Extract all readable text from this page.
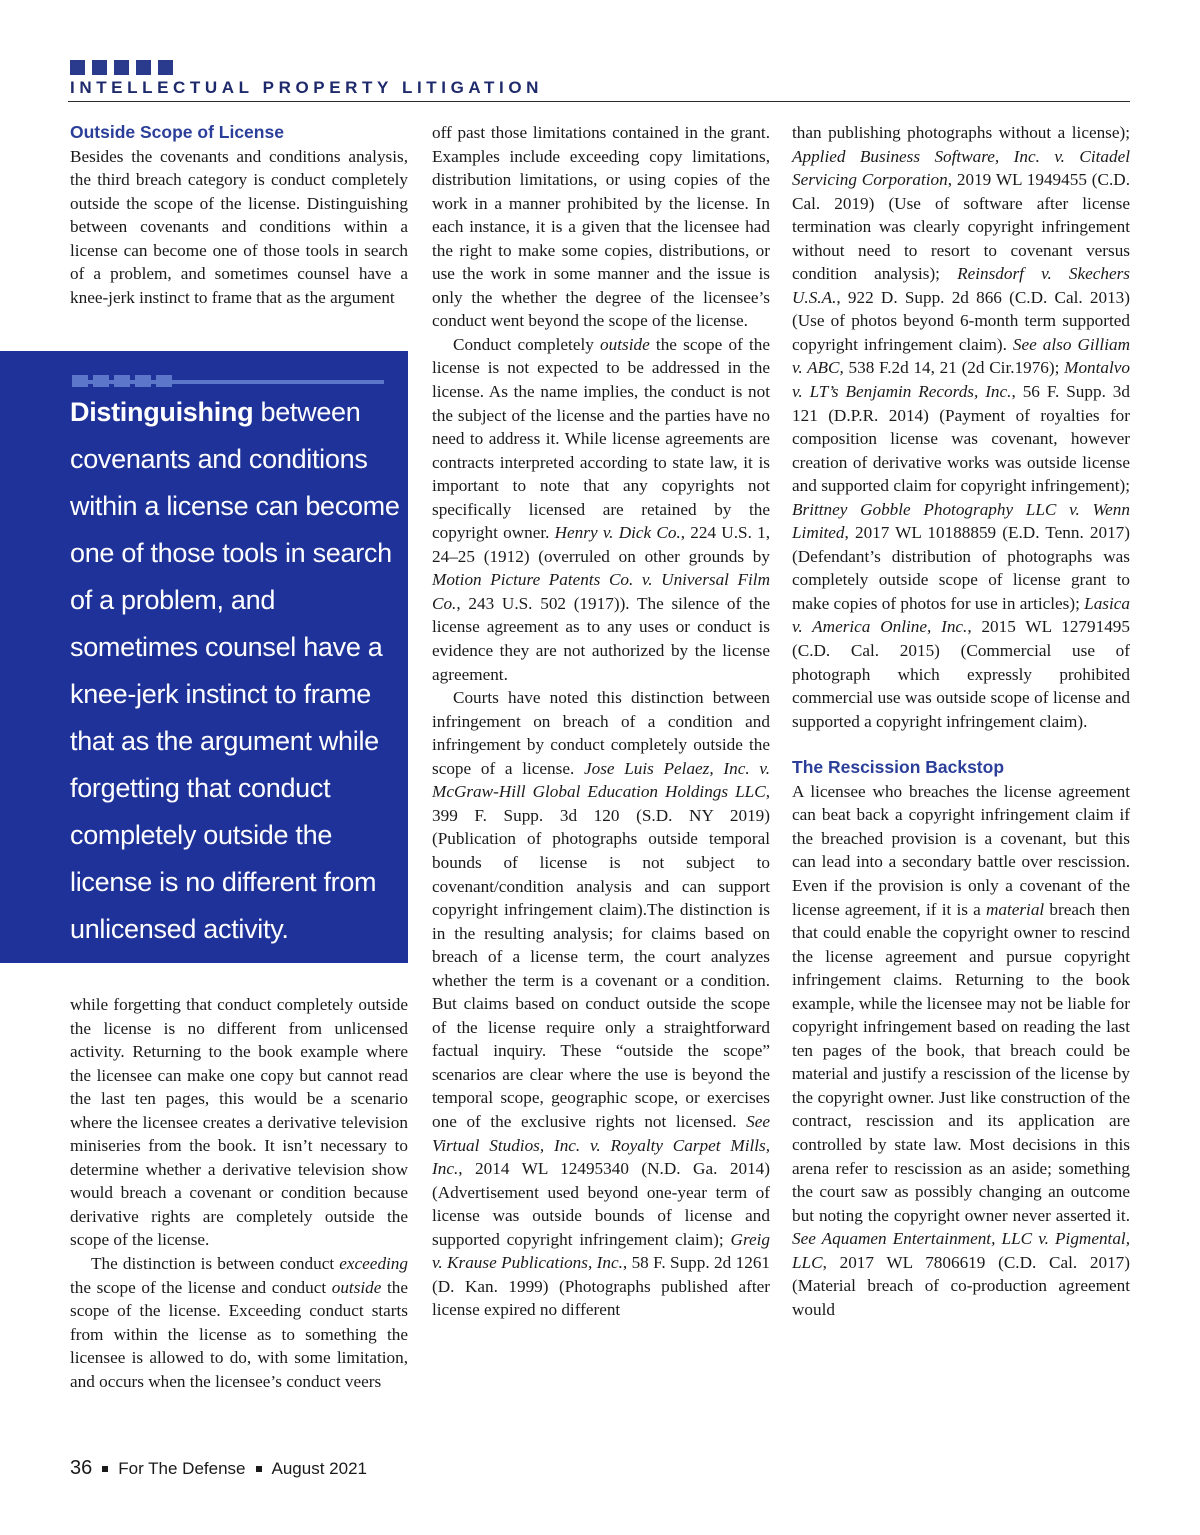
INTELLECTUAL PROPERTY LITIGATION
Outside Scope of License

Besides the covenants and conditions analysis, the third breach category is conduct completely outside the scope of the license. Distinguishing between covenants and conditions within a license can become one of those tools in search of a problem, and sometimes counsel have a knee-jerk instinct to frame that as the argument

while forgetting that conduct completely outside the license is no different from unlicensed activity. Returning to the book example where the licensee can make one copy but cannot read the last ten pages, this would be a scenario where the licensee creates a derivative television miniseries from the book. It isn’t necessary to determine whether a derivative television show would breach a covenant or condition because derivative rights are completely outside the scope of the license.

The distinction is between conduct exceeding the scope of the license and conduct outside the scope of the license. Exceeding conduct starts from within the license as to something the licensee is allowed to do, with some limitation, and occurs when the licensee’s conduct veers

Distinguishing between covenants and conditions within a license can become one of those tools in search of a problem, and sometimes counsel have a knee-jerk instinct to frame that as the argument while forgetting that conduct completely outside the license is no different from unlicensed activity.

off past those limitations contained in the grant. Examples include exceeding copy limitations, distribution limitations, or using copies of the work in a manner prohibited by the license. In each instance, it is a given that the licensee had the right to make some copies, distributions, or use the work in some manner and the issue is only the whether the degree of the licensee’s conduct went beyond the scope of the license.

Conduct completely outside the scope of the license is not expected to be addressed in the license. As the name implies, the conduct is not the subject of the license and the parties have no need to address it. While license agreements are contracts interpreted according to state law, it is important to note that any copyrights not specifically licensed are retained by the copyright owner. Henry v. Dick Co., 224 U.S. 1, 24–25 (1912) (overruled on other grounds by Motion Picture Patents Co. v. Universal Film Co., 243 U.S. 502 (1917)). The silence of the license agreement as to any uses or conduct is evidence they are not authorized by the license agreement.

Courts have noted this distinction between infringement on breach of a condition and infringement by conduct completely outside the scope of a license. Jose Luis Pelaez, Inc. v. McGraw-Hill Global Education Holdings LLC, 399 F. Supp. 3d 120 (S.D. NY 2019) (Publication of photographs outside temporal bounds of license is not subject to covenant/condition analysis and can support copyright infringement claim).The distinction is in the resulting analysis; for claims based on breach of a license term, the court analyzes whether the term is a covenant or a condition. But claims based on conduct outside the scope of the license require only a straightforward factual inquiry. These “outside the scope” scenarios are clear where the use is beyond the temporal scope, geographic scope, or exercises one of the exclusive rights not licensed. See Virtual Studios, Inc. v. Royalty Carpet Mills, Inc., 2014 WL 12495340 (N.D. Ga. 2014) (Advertisement used beyond one-year term of license was outside bounds of license and supported copyright infringement claim); Greig v. Krause Publications, Inc., 58 F. Supp. 2d 1261 (D. Kan. 1999) (Photographs published after license expired no different

than publishing photographs without a license); Applied Business Software, Inc. v. Citadel Servicing Corporation, 2019 WL 1949455 (C.D. Cal. 2019) (Use of software after license termination was clearly copyright infringement without need to resort to covenant versus condition analysis); Reinsdorf v. Skechers U.S.A., 922 D. Supp. 2d 866 (C.D. Cal. 2013) (Use of photos beyond 6-month term supported copyright infringement claim). See also Gilliam v. ABC, 538 F.2d 14, 21 (2d Cir.1976); Montalvo v. LT’s Benjamin Records, Inc., 56 F. Supp. 3d 121 (D.P.R. 2014) (Payment of royalties for composition license was covenant, however creation of derivative works was outside license and supported claim for copyright infringement); Brittney Gobble Photography LLC v. Wenn Limited, 2017 WL 10188859 (E.D. Tenn. 2017) (Defendant’s distribution of photographs was completely outside scope of license grant to make copies of photos for use in articles); Lasica v. America Online, Inc., 2015 WL 12791495 (C.D. Cal. 2015) (Commercial use of photograph which expressly prohibited commercial use was outside scope of license and supported a copyright infringement claim).

The Rescission Backstop

A licensee who breaches the license agreement can beat back a copyright infringement claim if the breached provision is a covenant, but this can lead into a secondary battle over rescission. Even if the provision is only a covenant of the license agreement, if it is a material breach then that could enable the copyright owner to rescind the license agreement and pursue copyright infringement claims. Returning to the book example, while the licensee may not be liable for copyright infringement based on reading the last ten pages of the book, that breach could be material and justify a rescission of the license by the copyright owner. Just like construction of the contract, rescission and its application are controlled by state law. Most decisions in this arena refer to rescission as an aside; something the court saw as possibly changing an outcome but noting the copyright owner never asserted it. See Aquamen Entertainment, LLC v. Pigmental, LLC, 2017 WL 7806619 (C.D. Cal. 2017) (Material breach of co-production agreement would

36 For The Defense August 2021
